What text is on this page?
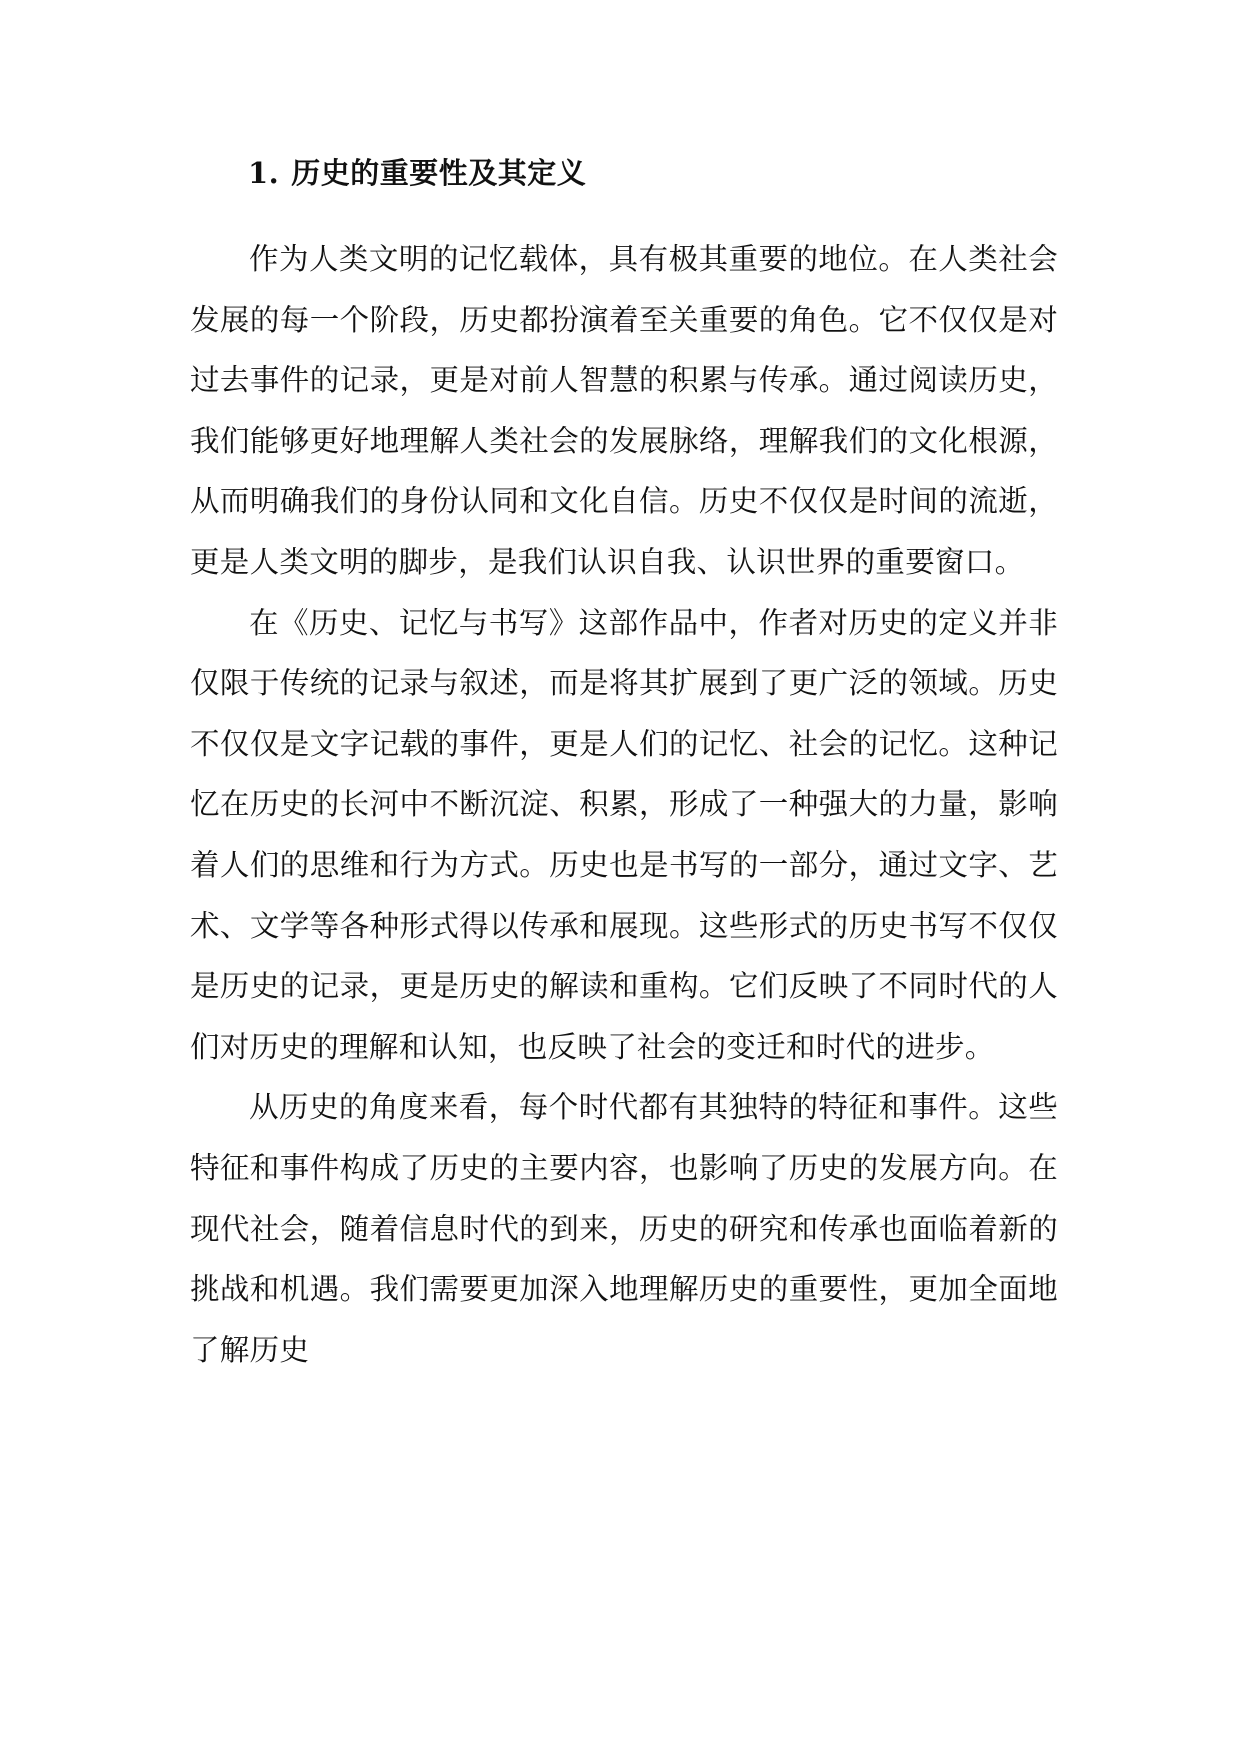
1. 历史的重要性及其定义

作为人类文明的记忆载体，具有极其重要的地位。在人类社会发展的每一个阶段，历史都扮演着至关重要的角色。它不仅仅是对过去事件的记录，更是对前人智慧的积累与传承。通过阅读历史，我们能够更好地理解人类社会的发展脉络，理解我们的文化根源，从而明确我们的身份认同和文化自信。历史不仅仅是时间的流逝，更是人类文明的脚步，是我们认识自我、认识世界的重要窗口。

在《历史、记忆与书写》这部作品中，作者对历史的定义并非仅限于传统的记录与叙述，而是将其扩展到了更广泛的领域。历史不仅仅是文字记载的事件，更是人们的记忆、社会的记忆。这种记忆在历史的长河中不断沉淀、积累，形成了一种强大的力量，影响着人们的思维和行为方式。历史也是书写的一部分，通过文字、艺术、文学等各种形式得以传承和展现。这些形式的历史书写不仅仅是历史的记录，更是历史的解读和重构。它们反映了不同时代的人们对历史的理解和认知，也反映了社会的变迁和时代的进步。

从历史的角度来看，每个时代都有其独特的特征和事件。这些特征和事件构成了历史的主要内容，也影响了历史的发展方向。在现代社会，随着信息时代的到来，历史的研究和传承也面临着新的挑战和机遇。我们需要更加深入地理解历史的重要性，更加全面地了解历史
